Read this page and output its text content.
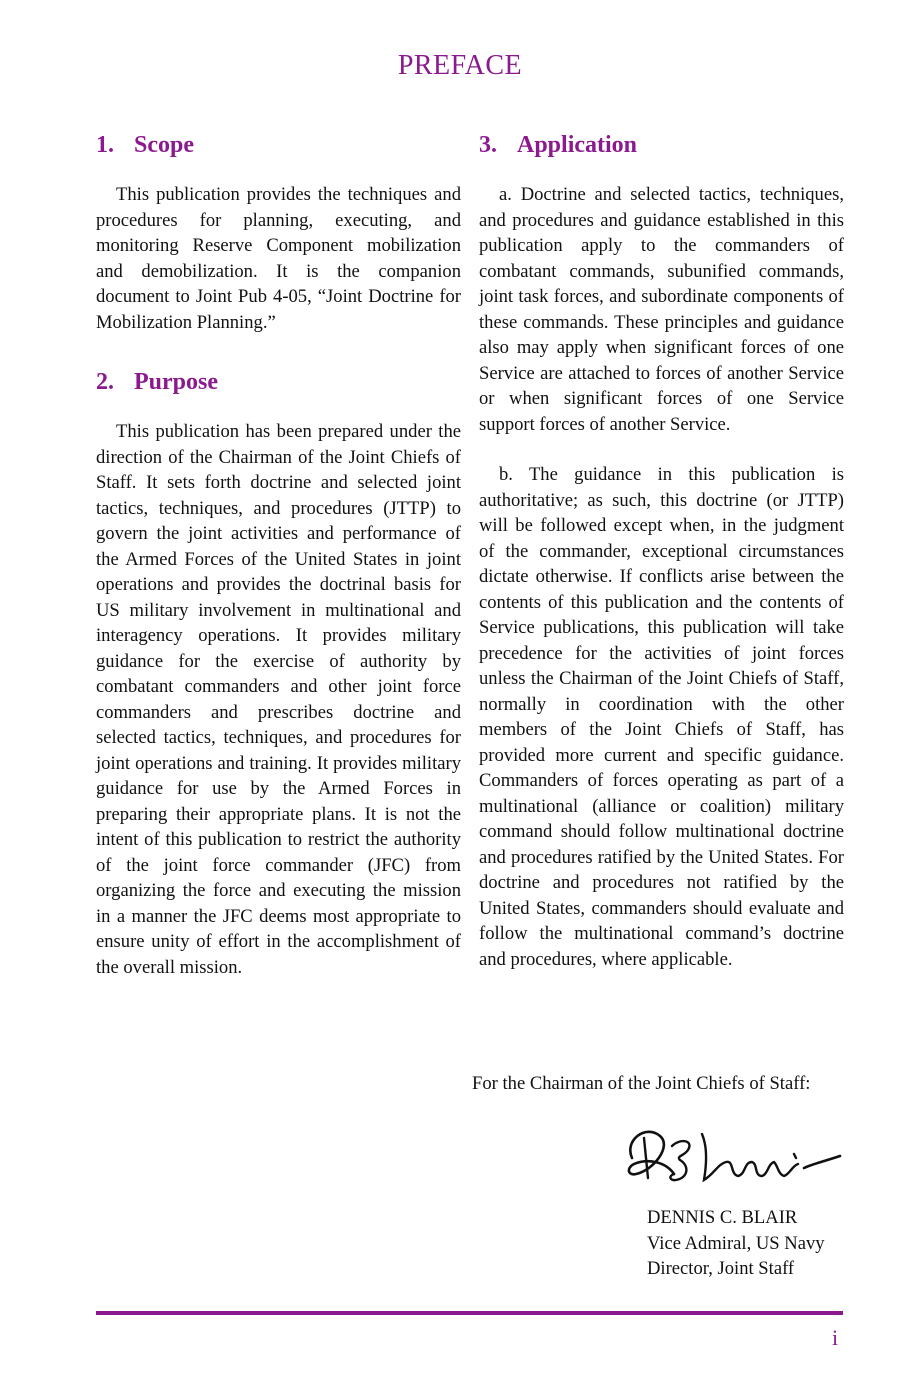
PREFACE
1. Scope

This publication provides the techniques and procedures for planning, executing, and monitoring Reserve Component mobilization and demobilization. It is the companion document to Joint Pub 4-05, “Joint Doctrine for Mobilization Planning.”

2. Purpose

This publication has been prepared under the direction of the Chairman of the Joint Chiefs of Staff. It sets forth doctrine and selected joint tactics, techniques, and procedures (JTTP) to govern the joint activities and performance of the Armed Forces of the United States in joint operations and provides the doctrinal basis for US military involvement in multinational and interagency operations. It provides military guidance for the exercise of authority by combatant commanders and other joint force commanders and prescribes doctrine and selected tactics, techniques, and procedures for joint operations and training. It provides military guidance for use by the Armed Forces in preparing their appropriate plans. It is not the intent of this publication to restrict the authority of the joint force commander (JFC) from organizing the force and executing the mission in a manner the JFC deems most appropriate to ensure unity of effort in the accomplishment of the overall mission.

3. Application

a. Doctrine and selected tactics, techniques, and procedures and guidance established in this publication apply to the commanders of combatant commands, subunified commands, joint task forces, and subordinate components of these commands. These principles and guidance also may apply when significant forces of one Service are attached to forces of another Service or when significant forces of one Service support forces of another Service.

b. The guidance in this publication is authoritative; as such, this doctrine (or JTTP) will be followed except when, in the judgment of the commander, exceptional circumstances dictate otherwise. If conflicts arise between the contents of this publication and the contents of Service publications, this publication will take precedence for the activities of joint forces unless the Chairman of the Joint Chiefs of Staff, normally in coordination with the other members of the Joint Chiefs of Staff, has provided more current and specific guidance. Commanders of forces operating as part of a multinational (alliance or coalition) military command should follow multinational doctrine and procedures ratified by the United States. For doctrine and procedures not ratified by the United States, commanders should evaluate and follow the multinational command’s doctrine and procedures, where applicable.

For the Chairman of the Joint Chiefs of Staff:
DENNIS C. BLAIR
Vice Admiral, US Navy
Director, Joint Staff
i
